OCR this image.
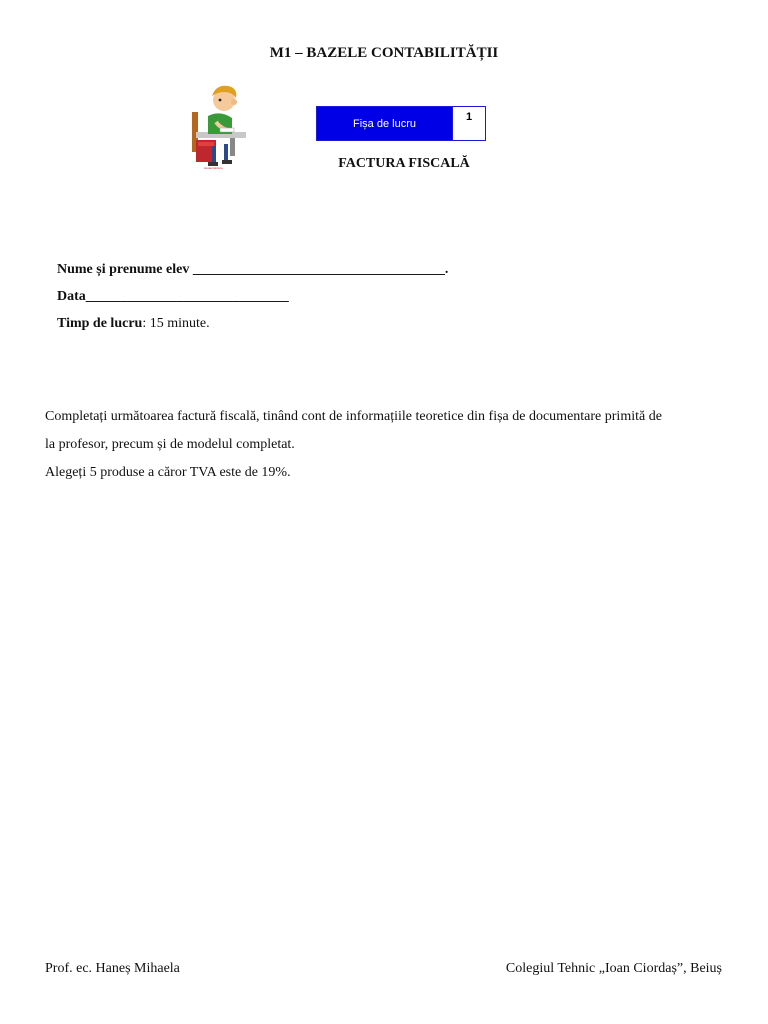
M1 – BAZELE CONTABILITĂȚII
studentpicture
Fișa de lucru
1
FACTURA FISCALĂ
Nume și prenume elev ____________________________________.
Data_____________________________
Timp de lucru: 15 minute.
Completați următoarea factură fiscală, tinând cont de informațiile teoretice din fișa de documentare primită de
la profesor, precum și de modelul completat.
Alegeți 5 produse a căror TVA este de 19%.
Prof. ec. Haneș Mihaela	Colegiul Tehnic „Ioan Ciordaș”, Beiuș
